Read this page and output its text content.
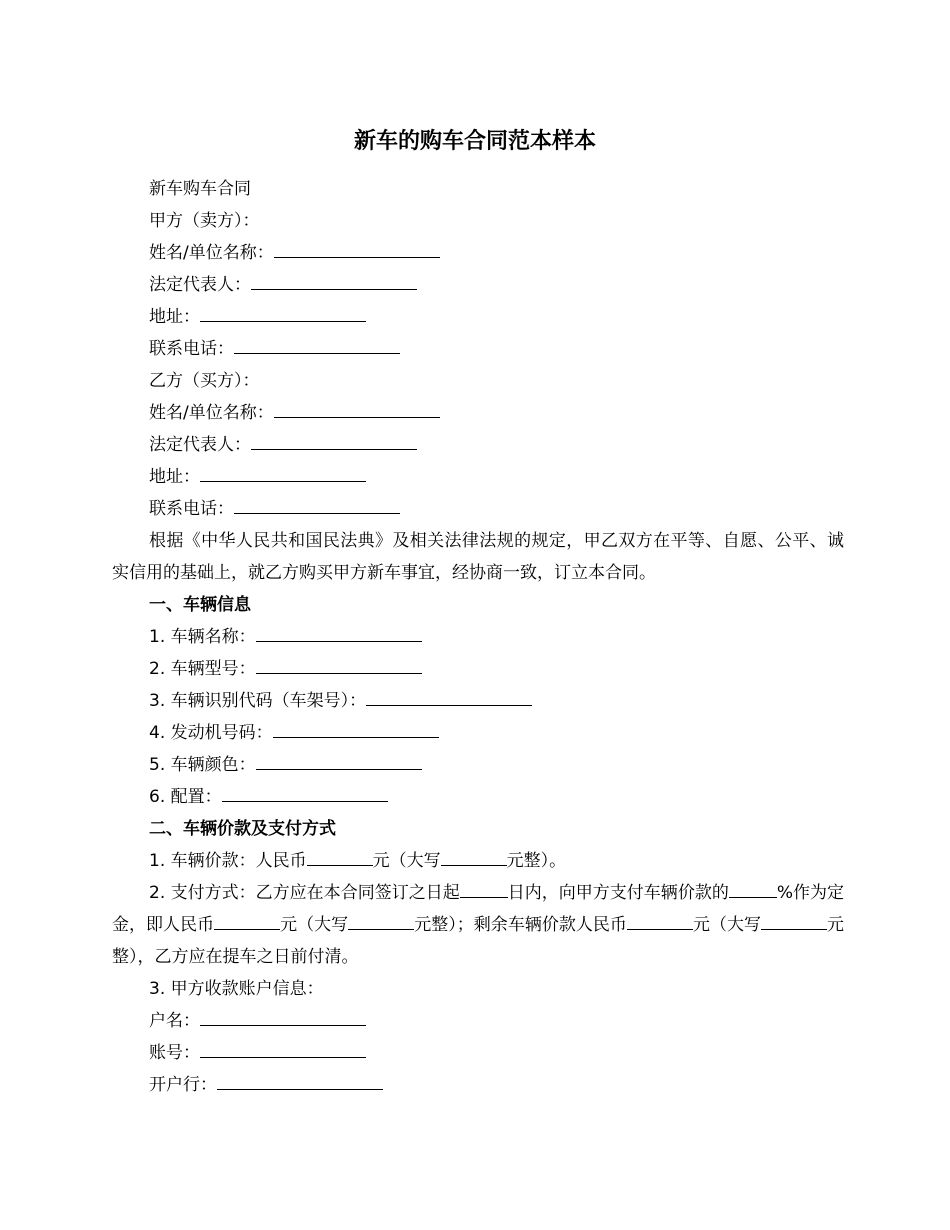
新车的购车合同范本样本
新车购车合同
甲方（卖方）：
姓名/单位名称：
法定代表人：
地址：
联系电话：
乙方（买方）：
姓名/单位名称：
法定代表人：
地址：
联系电话：
根据《中华人民共和国民法典》及相关法律法规的规定，甲乙双方在平等、自愿、公平、诚实信用的基础上，就乙方购买甲方新车事宜，经协商一致，订立本合同。
一、车辆信息
1. 车辆名称：
2. 车辆型号：
3. 车辆识别代码（车架号）：
4. 发动机号码：
5. 车辆颜色：
6. 配置：
二、车辆价款及支付方式
1. 车辆价款：人民币	元（大写	元整）。
2. 支付方式：乙方应在本合同签订之日起	日内，向甲方支付车辆价款的	%作为定金，即人民币	元（大写	元整）；剩余车辆价款人民币	元（大写	元整），乙方应在提车之日前付清。
3. 甲方收款账户信息：
户名：
账号：
开户行：
